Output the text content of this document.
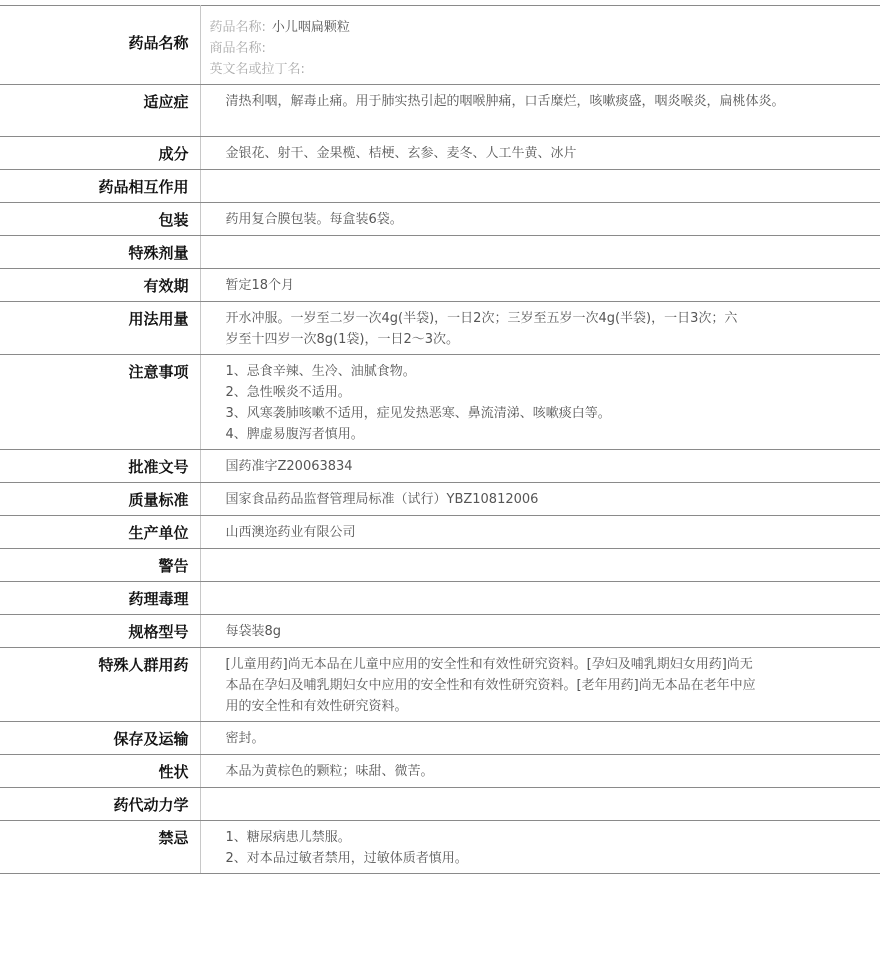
药品名称	药品名称: 小儿咽扁颗粒
商品名称:
英文名或拉丁名:

适应症	清热利咽，解毒止痛。用于肺实热引起的咽喉肿痛，口舌糜烂，咳嗽痰盛，咽炎喉炎，扁桃体炎。

成分	金银花、射干、金果榄、桔梗、玄参、麦冬、人工牛黄、冰片
药品相互作用	
包装	药用复合膜包装。每盒装6袋。
特殊剂量	
有效期	暂定18个月
用法用量	开水冲服。一岁至二岁一次4g(半袋)，一日2次；三岁至五岁一次4g(半袋)，一日3次；六岁至十四岁一次8g(1袋)，一日2～3次。

注意事项	1、忌食辛辣、生冷、油腻食物。
2、急性喉炎不适用。
3、风寒袭肺咳嗽不适用，症见发热恶寒、鼻流清涕、咳嗽痰白等。
4、脾虚易腹泻者慎用。

批准文号	国药准字Z20063834
质量标准	国家食品药品监督管理局标准（试行）YBZ10812006
生产单位	山西澳迩药业有限公司
警告	
药理毒理	
规格型号	每袋装8g
特殊人群用药	[儿童用药]尚无本品在儿童中应用的安全性和有效性研究资料。[孕妇及哺乳期妇女用药]尚无本品在孕妇及哺乳期妇女中应用的安全性和有效性研究资料。[老年用药]尚无本品在老年中应用的安全性和有效性研究资料。

保存及运输	密封。
性状	本品为黄棕色的颗粒；味甜、微苦。
药代动力学	
禁忌	1、糖尿病患儿禁服。
2、对本品过敏者禁用，过敏体质者慎用。
